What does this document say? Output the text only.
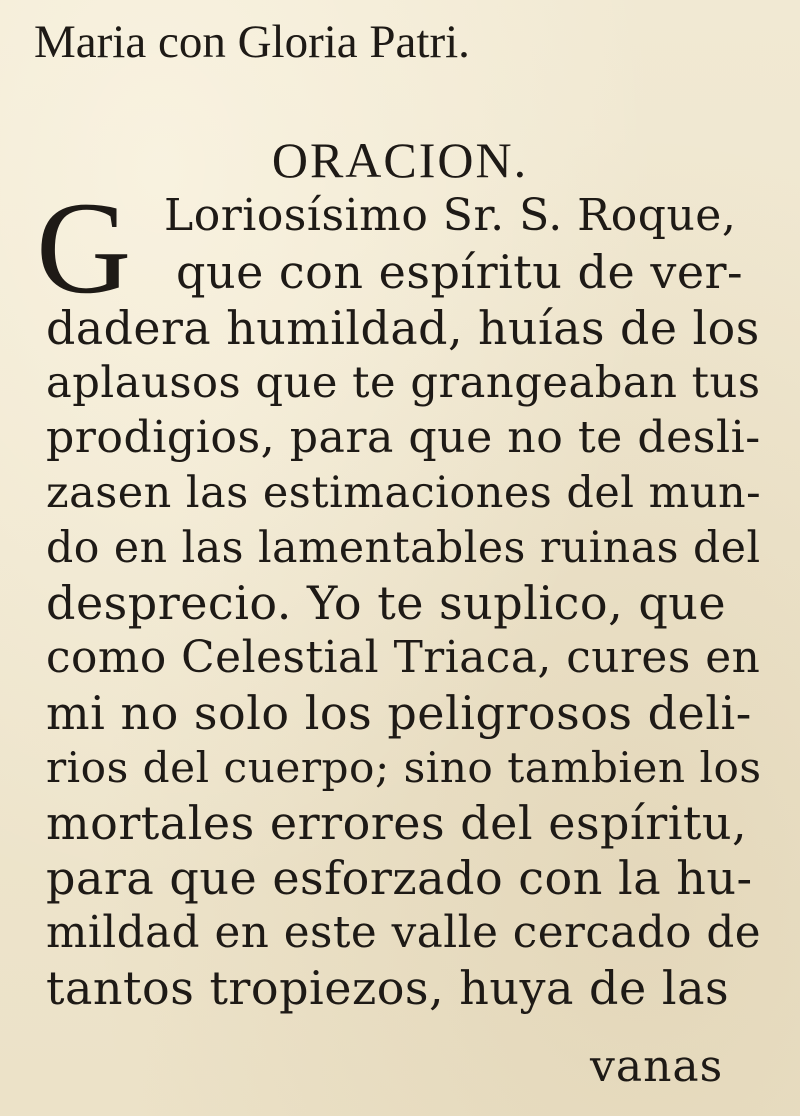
Maria con Gloria Patri.
ORACION.
G Loriosísimo Sr. S. Roque,
que con espíritu de ver-
dadera humildad, huías de los
aplausos que te grangeaban tus
prodigios, para que no te desli-
zasen las estimaciones del mun-
do en las lamentables ruinas del
desprecio. Yo te suplico, que
como Celestial Triaca, cures en
mi no solo los peligrosos deli-
rios del cuerpo; sino tambien los
mortales errores del espíritu,
para que esforzado con la hu-
mildad en este valle cercado de
tantos tropiezos, huya de las
vanas
